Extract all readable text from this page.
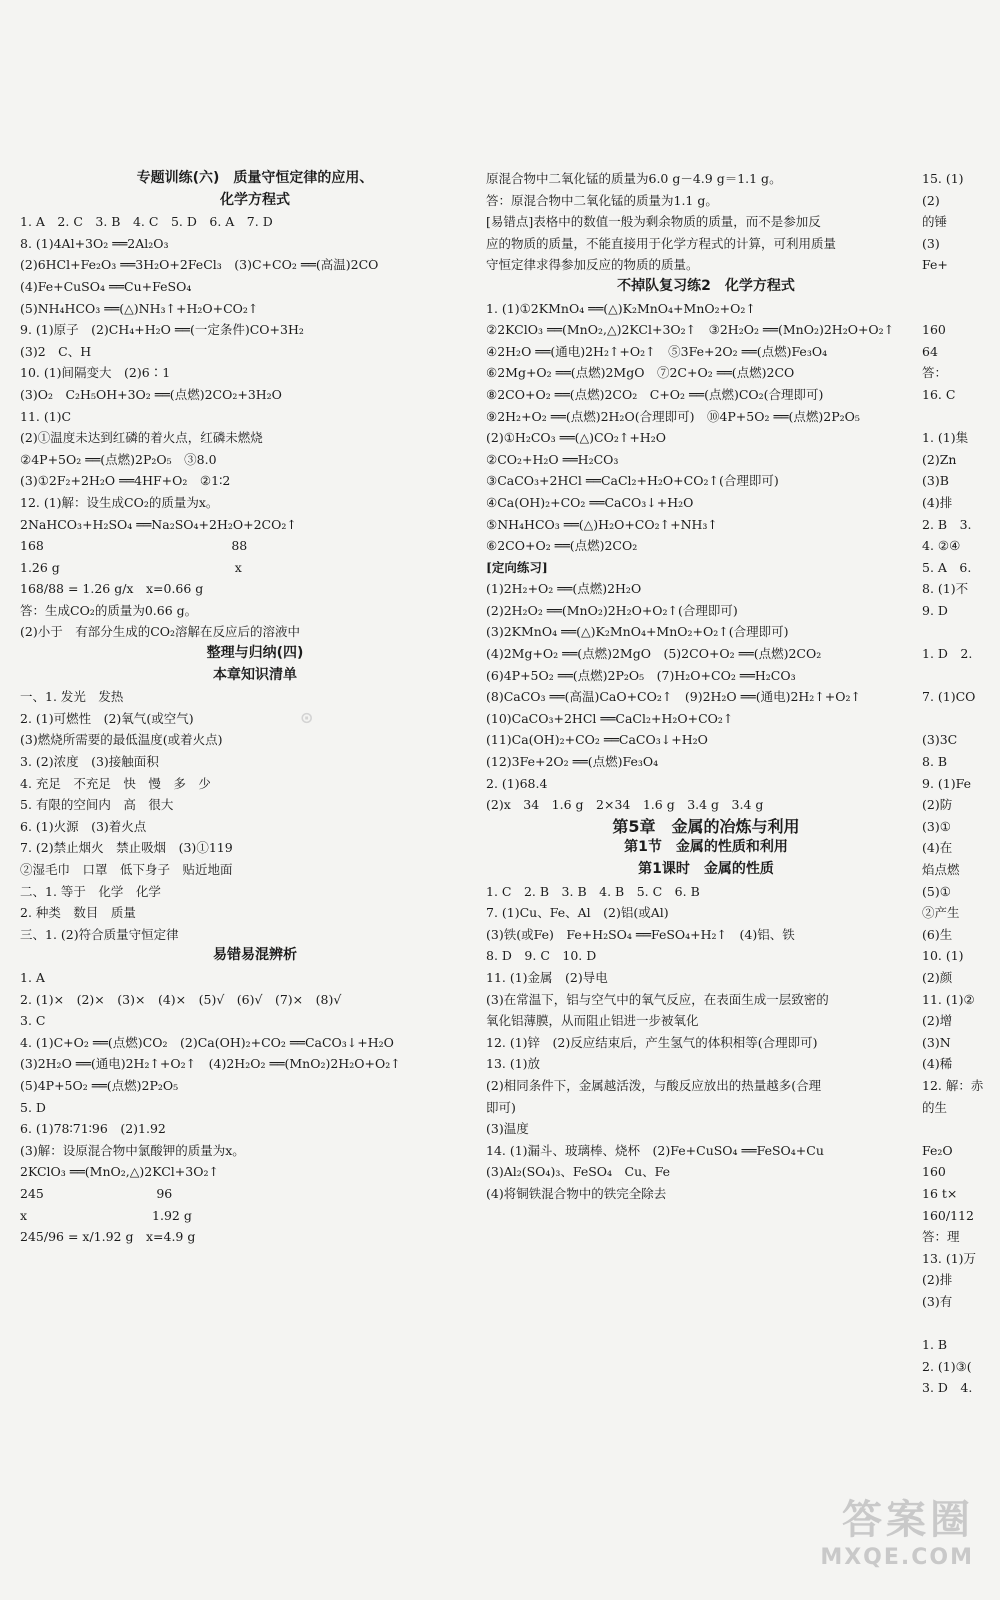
专题训练(六)　质量守恒定律的应用、
化学方程式
1. A　2. C　3. B　4. C　5. D　6. A　7. D
8. (1)4Al+3O₂ ══2Al₂O₃
(2)6HCl+Fe₂O₃ ══3H₂O+2FeCl₃　(3)C+CO₂ ══(高温)2CO
(4)Fe+CuSO₄ ══Cu+FeSO₄
(5)NH₄HCO₃ ══(△)NH₃↑+H₂O+CO₂↑
9. (1)原子　(2)CH₄+H₂O ══(一定条件)CO+3H₂
(3)2　C、H
10. (1)间隔变大　(2)6∶1
(3)O₂　C₂H₅OH+3O₂ ══(点燃)2CO₂+3H₂O
11. (1)C
(2)①温度未达到红磷的着火点，红磷未燃烧
②4P+5O₂ ══(点燃)2P₂O₅　③8.0
(3)①2F₂+2H₂O ══4HF+O₂　②1∶2
12. (1)解：设生成CO₂的质量为x。
2NaHCO₃+H₂SO₄ ══Na₂SO₄+2H₂O+2CO₂↑
168　　　　　　　　　　　　　　　88
1.26 g　　　　　　　　　　　　　　x
168/88 = 1.26 g/x　x=0.66 g
答：生成CO₂的质量为0.66 g。
(2)小于　有部分生成的CO₂溶解在反应后的溶液中
整理与归纳(四)
本章知识清单
一、1. 发光　发热
2. (1)可燃性　(2)氧气(或空气)
(3)燃烧所需要的最低温度(或着火点)
3. (2)浓度　(3)接触面积
4. 充足　不充足　快　慢　多　少
5. 有限的空间内　高　很大
6. (1)火源　(3)着火点
7. (2)禁止烟火　禁止吸烟　(3)①119
②湿毛巾　口罩　低下身子　贴近地面
二、1. 等于　化学　化学
2. 种类　数目　质量
三、1. (2)符合质量守恒定律
易错易混辨析
1. A
2. (1)×　(2)×　(3)×　(4)×　(5)√　(6)√　(7)×　(8)√
3. C
4. (1)C+O₂ ══(点燃)CO₂　(2)Ca(OH)₂+CO₂ ══CaCO₃↓+H₂O
(3)2H₂O ══(通电)2H₂↑+O₂↑　(4)2H₂O₂ ══(MnO₂)2H₂O+O₂↑
(5)4P+5O₂ ══(点燃)2P₂O₅
5. D
6. (1)78∶71∶96　(2)1.92
(3)解：设原混合物中氯酸钾的质量为x。
2KClO₃ ══(MnO₂,△)2KCl+3O₂↑
245　　　　　　　　　96
x　　　　　　　　　　1.92 g
245/96 = x/1.92 g　x=4.9 g
原混合物中二氧化锰的质量为6.0 g－4.9 g＝1.1 g。
答：原混合物中二氧化锰的质量为1.1 g。
[易错点]表格中的数值一般为剩余物质的质量，而不是参加反
应的物质的质量，不能直接用于化学方程式的计算，可利用质量
守恒定律求得参加反应的物质的质量。
不掉队复习练2　化学方程式
1. (1)①2KMnO₄ ══(△)K₂MnO₄+MnO₂+O₂↑
②2KClO₃ ══(MnO₂,△)2KCl+3O₂↑　③2H₂O₂ ══(MnO₂)2H₂O+O₂↑
④2H₂O ══(通电)2H₂↑+O₂↑　⑤3Fe+2O₂ ══(点燃)Fe₃O₄
⑥2Mg+O₂ ══(点燃)2MgO　⑦2C+O₂ ══(点燃)2CO
⑧2CO+O₂ ══(点燃)2CO₂　C+O₂ ══(点燃)CO₂(合理即可)
⑨2H₂+O₂ ══(点燃)2H₂O(合理即可)　⑩4P+5O₂ ══(点燃)2P₂O₅
(2)①H₂CO₃ ══(△)CO₂↑+H₂O
②CO₂+H₂O ══H₂CO₃
③CaCO₃+2HCl ══CaCl₂+H₂O+CO₂↑(合理即可)
④Ca(OH)₂+CO₂ ══CaCO₃↓+H₂O
⑤NH₄HCO₃ ══(△)H₂O+CO₂↑+NH₃↑
⑥2CO+O₂ ══(点燃)2CO₂
[定向练习]
(1)2H₂+O₂ ══(点燃)2H₂O
(2)2H₂O₂ ══(MnO₂)2H₂O+O₂↑(合理即可)
(3)2KMnO₄ ══(△)K₂MnO₄+MnO₂+O₂↑(合理即可)
(4)2Mg+O₂ ══(点燃)2MgO　(5)2CO+O₂ ══(点燃)2CO₂
(6)4P+5O₂ ══(点燃)2P₂O₅　(7)H₂O+CO₂ ══H₂CO₃
(8)CaCO₃ ══(高温)CaO+CO₂↑　(9)2H₂O ══(通电)2H₂↑+O₂↑
(10)CaCO₃+2HCl ══CaCl₂+H₂O+CO₂↑
(11)Ca(OH)₂+CO₂ ══CaCO₃↓+H₂O
(12)3Fe+2O₂ ══(点燃)Fe₃O₄
2. (1)68.4
(2)x　34　1.6 g　2×34　1.6 g　3.4 g　3.4 g
第5章　金属的冶炼与利用
第1节　金属的性质和利用
第1课时　金属的性质
1. C　2. B　3. B　4. B　5. C　6. B
7. (1)Cu、Fe、Al　(2)铝(或Al)
(3)铁(或Fe)　Fe+H₂SO₄ ══FeSO₄+H₂↑　(4)铝、铁
8. D　9. C　10. D
11. (1)金属　(2)导电
(3)在常温下，铝与空气中的氧气反应，在表面生成一层致密的
氧化铝薄膜，从而阻止铝进一步被氧化
12. (1)锌　(2)反应结束后，产生氢气的体积相等(合理即可)
13. (1)放
(2)相同条件下，金属越活泼，与酸反应放出的热量越多(合理
即可)
(3)温度
14. (1)漏斗、玻璃棒、烧杯　(2)Fe+CuSO₄ ══FeSO₄+Cu
(3)Al₂(SO₄)₃、FeSO₄　Cu、Fe
(4)将铜铁混合物中的铁完全除去
15. (1)
(2)
的锤
(3)
Fe+
160
64
答：
16. C
1. (1)集
(2)Zn
(3)B
(4)排
2. B　3.
4. ②④
5. A　6.
8. (1)不
9. D
1. D　2.
7. (1)CO
(3)3C
8. B
9. (1)Fe
(2)防
(3)①
(4)在
焰点燃
(5)①
②产生
(6)生
10. (1)
(2)颜
11. (1)②
(2)增
(3)N
(4)稀
12. 解：赤
的生
Fe₂O
160
16 t×
160/112
答：理
13. (1)万
(2)排
(3)有
1. B
2. (1)③(
3. D　4.
⊙
答案圈
MXQE.COM
